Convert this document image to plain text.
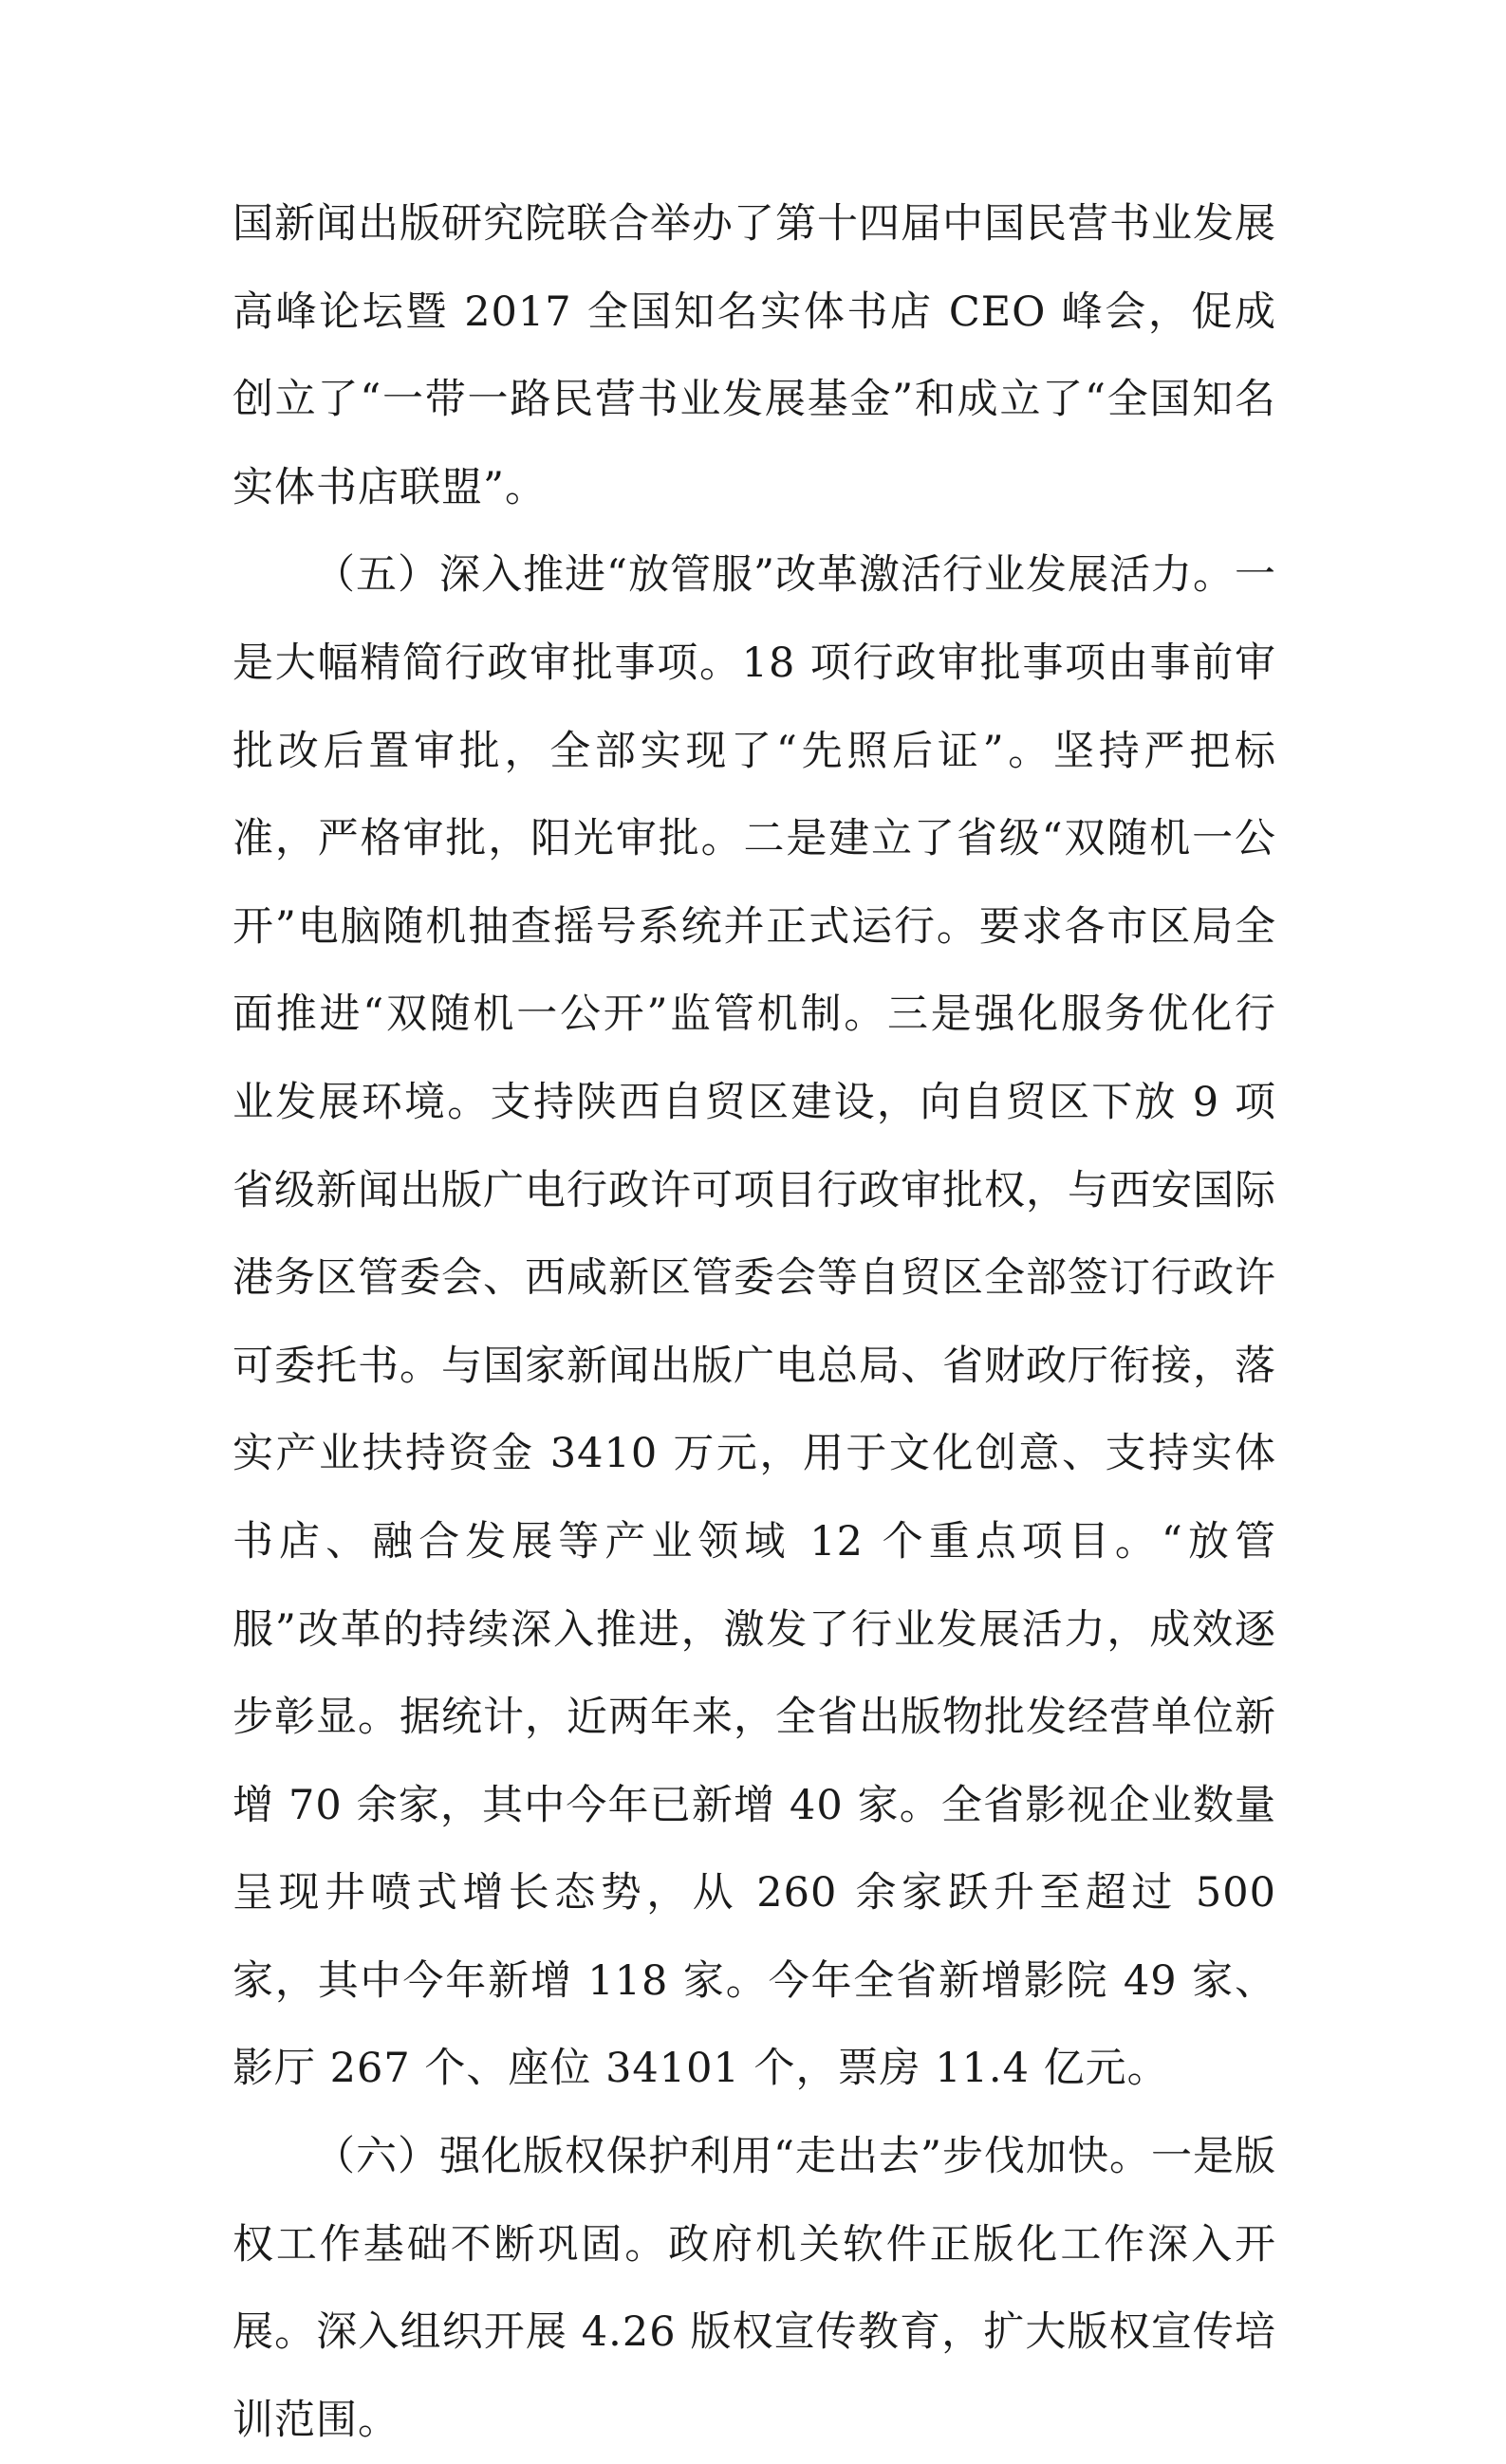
国新闻出版研究院联合举办了第十四届中国民营书业发展高峰论坛暨 2017 全国知名实体书店 CEO 峰会，促成创立了“一带一路民营书业发展基金”和成立了“全国知名实体书店联盟”。

（五）深入推进“放管服”改革激活行业发展活力。一是大幅精简行政审批事项。18 项行政审批事项由事前审批改后置审批，全部实现了“先照后证”。坚持严把标准，严格审批，阳光审批。二是建立了省级“双随机一公开”电脑随机抽查摇号系统并正式运行。要求各市区局全面推进“双随机一公开”监管机制。三是强化服务优化行业发展环境。支持陕西自贸区建设，向自贸区下放 9 项省级新闻出版广电行政许可项目行政审批权，与西安国际港务区管委会、西咸新区管委会等自贸区全部签订行政许可委托书。与国家新闻出版广电总局、省财政厅衔接，落实产业扶持资金 3410 万元，用于文化创意、支持实体书店、融合发展等产业领域 12 个重点项目。“放管服”改革的持续深入推进，激发了行业发展活力，成效逐步彰显。据统计，近两年来，全省出版物批发经营单位新增 70 余家，其中今年已新增 40 家。全省影视企业数量呈现井喷式增长态势，从 260 余家跃升至超过 500 家，其中今年新增 118 家。今年全省新增影院 49 家、影厅 267 个、座位 34101 个，票房 11.4 亿元。

（六）强化版权保护利用“走出去”步伐加快。一是版权工作基础不断巩固。政府机关软件正版化工作深入开展。深入组织开展 4.26 版权宣传教育，扩大版权宣传培训范围。
